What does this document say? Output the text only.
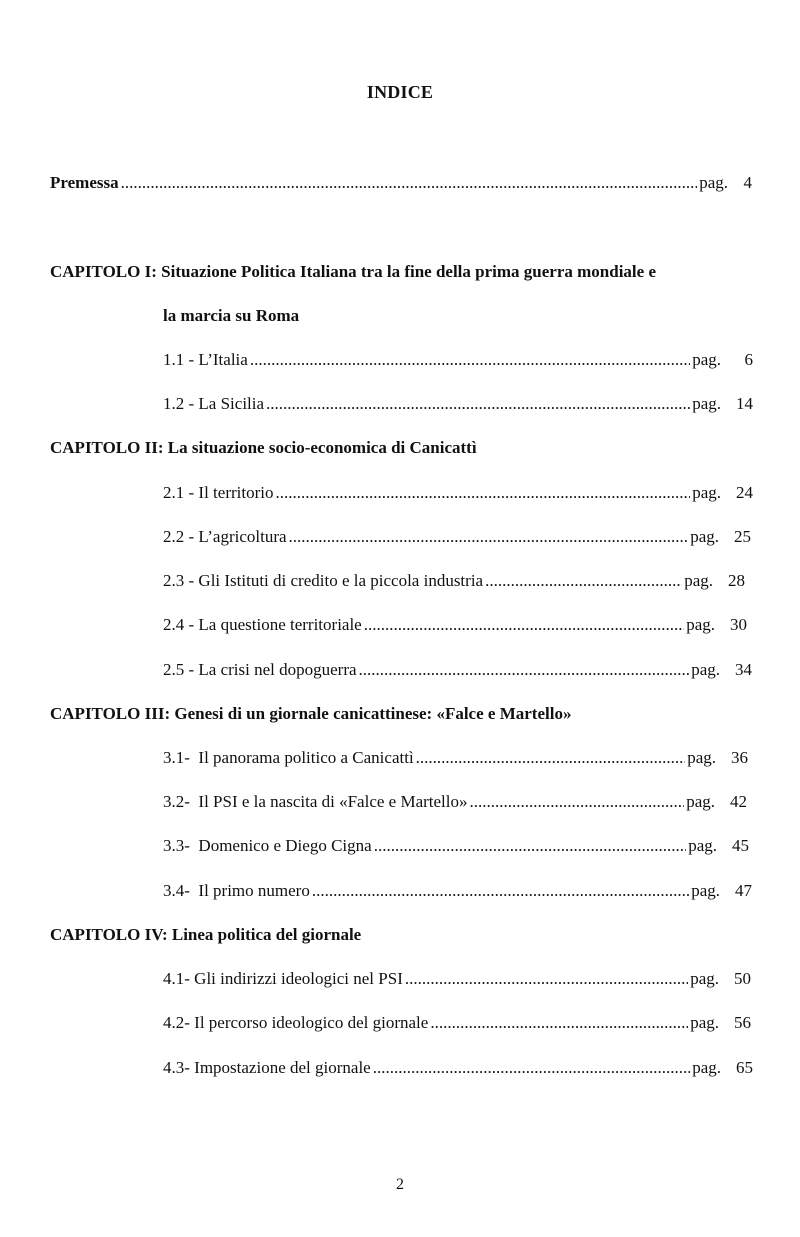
INDICE
Premessa .....	pag. 4
CAPITOLO I: Situazione Politica Italiana tra la fine della prima guerra mondiale e
la marcia su Roma
1.1 - L’Italia .....	pag.	6
1.2 - La Sicilia .....	pag. 14
CAPITOLO II: La situazione socio-economica di Canicattì
2.1 - Il territorio .....	pag. 24
2.2 - L’agricoltura .....	pag. 25
2.3 - Gli Istituti di credito e la piccola industria .....	pag. 28
2.4 - La questione territoriale .....	pag. 30
2.5 - La crisi nel dopoguerra .....	pag. 34
CAPITOLO III: Genesi di un giornale canicattinese: «Falce e Martello»
3.1-  Il panorama politico a Canicattì .....	pag. 36
3.2-  Il PSI e la nascita di «Falce e Martello» .....	pag. 42
3.3-  Domenico e Diego Cigna .....	pag. 45
3.4-  Il primo numero .....	pag. 47
CAPITOLO IV: Linea politica del giornale
4.1- Gli indirizzi ideologici nel PSI .....	pag. 50
4.2- Il percorso ideologico del giornale .....	pag. 56
4.3- Impostazione del giornale .....	pag. 65
2
